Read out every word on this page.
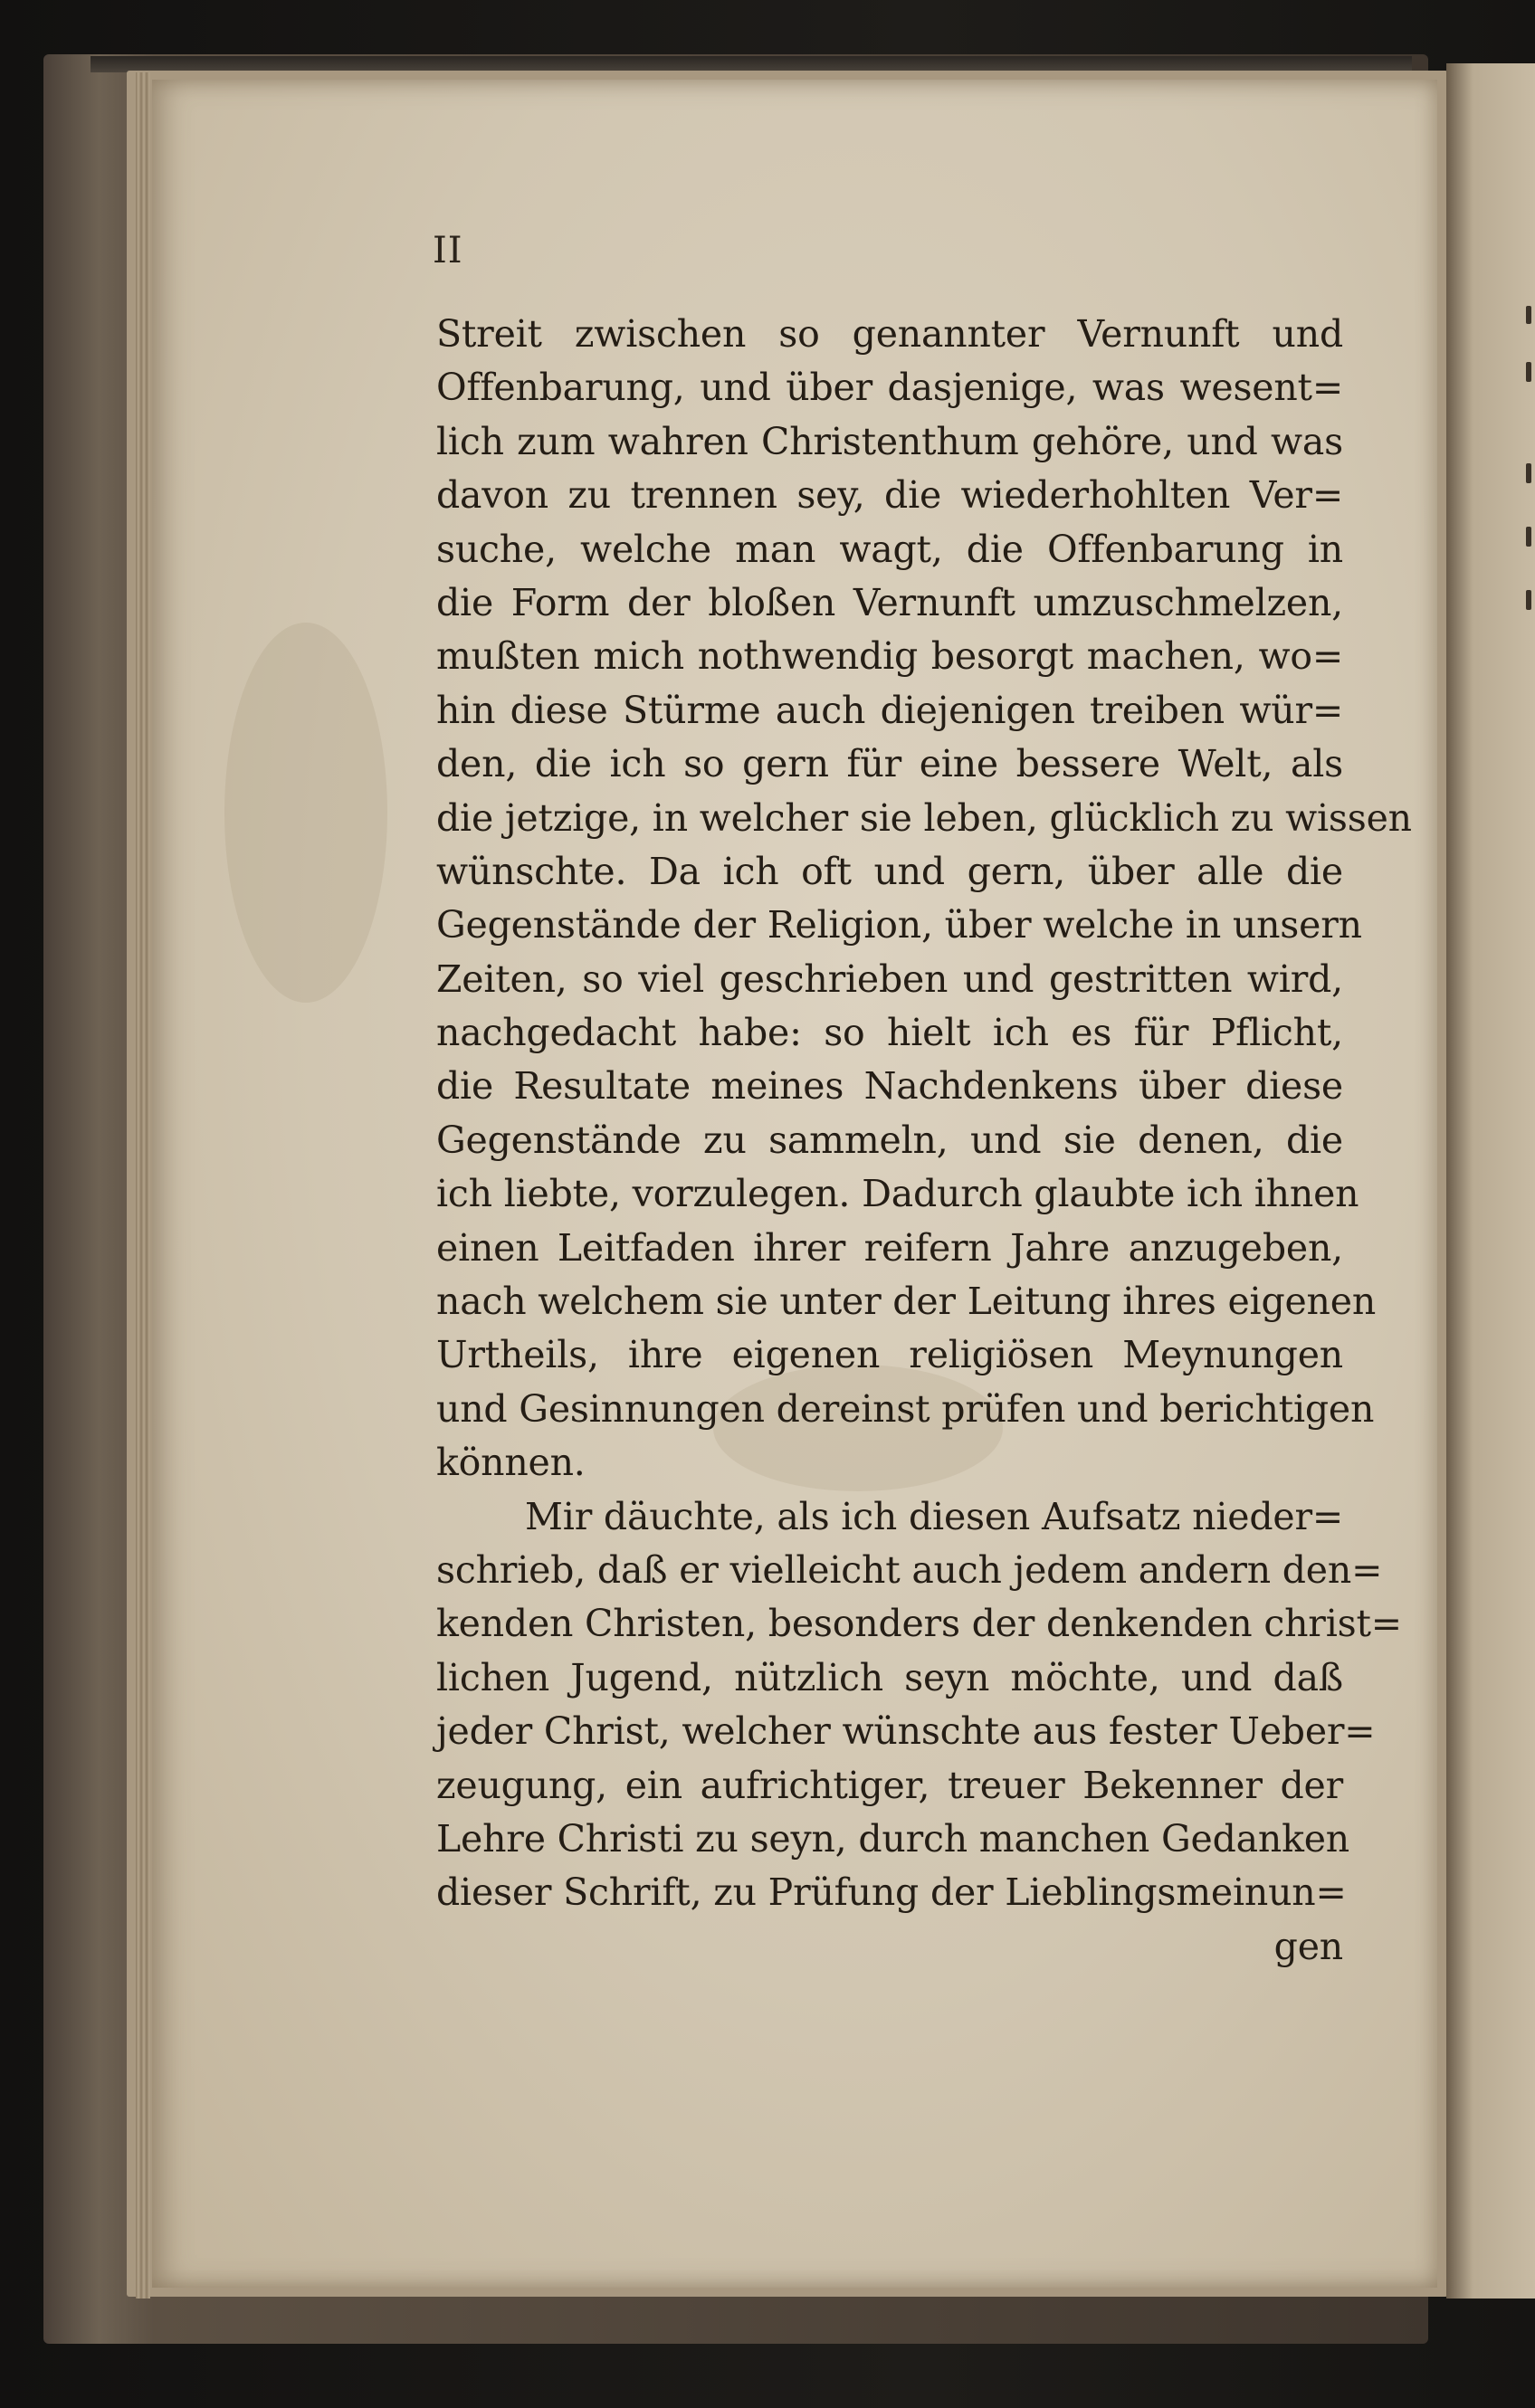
II
Streit zwischen so genannter Vernunft und
Offenbarung, und über dasjenige, was wesent=
lich zum wahren Christenthum gehöre, und was
davon zu trennen sey, die wiederhohlten Ver=
suche, welche man wagt, die Offenbarung in
die Form der bloßen Vernunft umzuschmelzen,
mußten mich nothwendig besorgt machen, wo=
hin diese Stürme auch diejenigen treiben wür=
den, die ich so gern für eine bessere Welt, als
die jetzige, in welcher sie leben, glücklich zu wissen
wünschte. Da ich oft und gern, über alle die
Gegenstände der Religion, über welche in unsern
Zeiten, so viel geschrieben und gestritten wird,
nachgedacht habe: so hielt ich es für Pflicht,
die Resultate meines Nachdenkens über diese
Gegenstände zu sammeln, und sie denen, die
ich liebte, vorzulegen. Dadurch glaubte ich ihnen
einen Leitfaden ihrer reifern Jahre anzugeben,
nach welchem sie unter der Leitung ihres eigenen
Urtheils, ihre eigenen religiösen Meynungen
und Gesinnungen dereinst prüfen und berichtigen
können.
Mir däuchte, als ich diesen Aufsatz nieder=
schrieb, daß er vielleicht auch jedem andern den=
kenden Christen, besonders der denkenden christ=
lichen Jugend, nützlich seyn möchte, und daß
jeder Christ, welcher wünschte aus fester Ueber=
zeugung, ein aufrichtiger, treuer Bekenner der
Lehre Christi zu seyn, durch manchen Gedanken
dieser Schrift, zu Prüfung der Lieblingsmeinun=
gen
